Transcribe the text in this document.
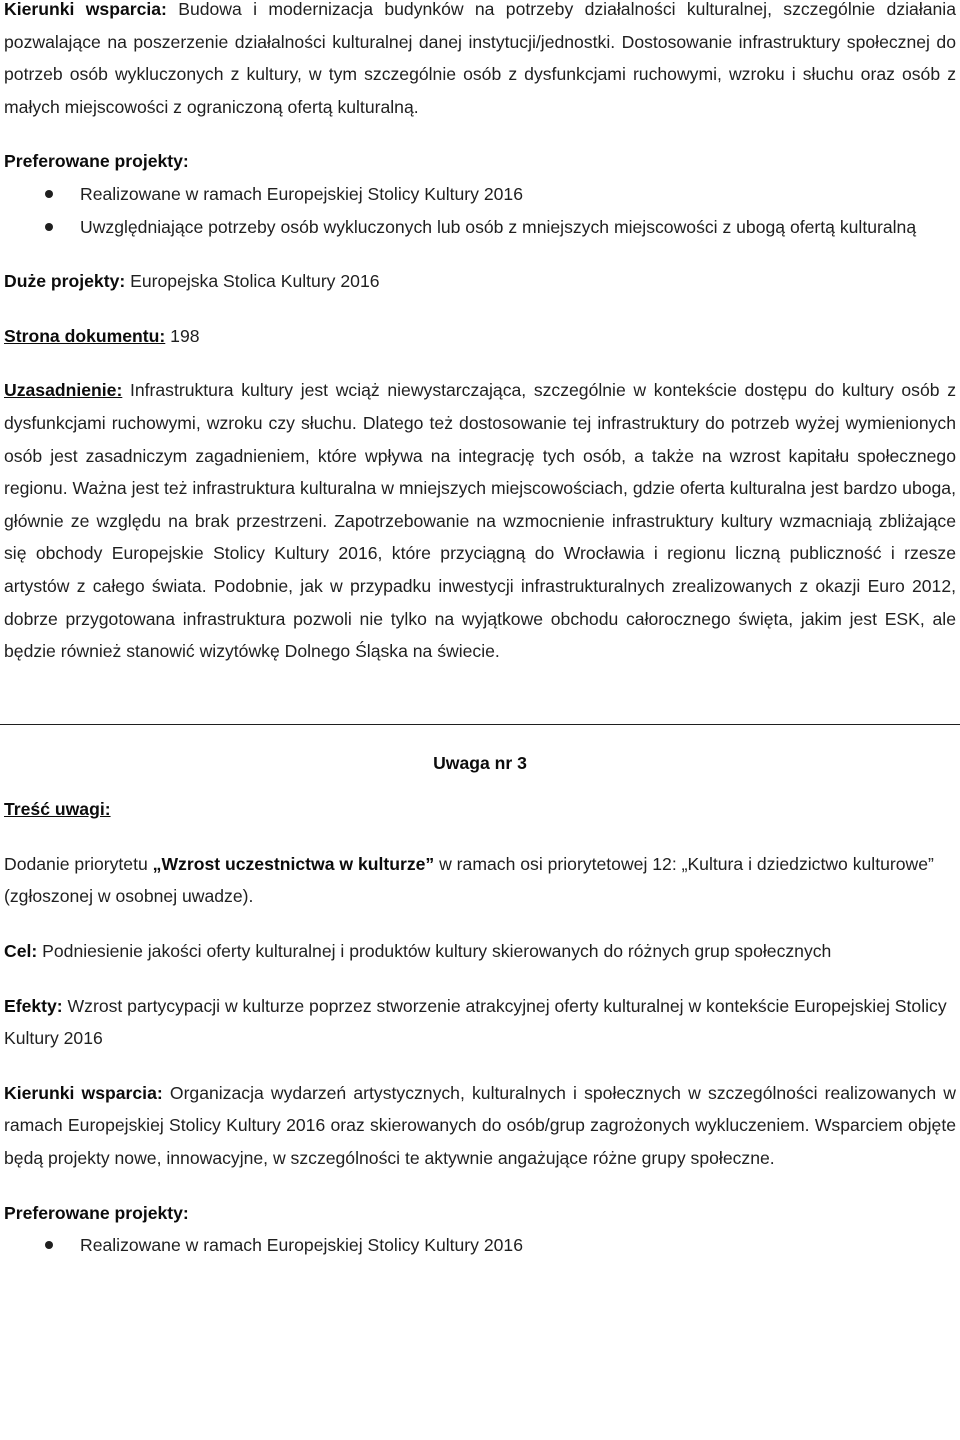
Kierunki wsparcia: Budowa i modernizacja budynków na potrzeby działalności kulturalnej, szczególnie działania pozwalające na poszerzenie działalności kulturalnej danej instytucji/jednostki. Dostosowanie infrastruktury społecznej do potrzeb osób wykluczonych z kultury, w tym szczególnie osób z dysfunkcjami ruchowymi, wzroku i słuchu oraz osób z małych miejscowości z ograniczoną ofertą kulturalną.

Preferowane projekty:

Realizowane w ramach Europejskiej Stolicy Kultury 2016
Uwzględniające potrzeby osób wykluczonych lub osób z mniejszych miejscowości z ubogą ofertą kulturalną

Duże projekty: Europejska Stolica Kultury 2016

Strona dokumentu: 198

Uzasadnienie: Infrastruktura kultury jest wciąż niewystarczająca, szczególnie w kontekście dostępu do kultury osób z dysfunkcjami ruchowymi, wzroku czy słuchu. Dlatego też dostosowanie tej infrastruktury do potrzeb wyżej wymienionych osób jest zasadniczym zagadnieniem, które wpływa na integrację tych osób, a także na wzrost kapitału społecznego regionu. Ważna jest też infrastruktura kulturalna w mniejszych miejscowościach, gdzie oferta kulturalna jest bardzo uboga, głównie ze względu na brak przestrzeni. Zapotrzebowanie na wzmocnienie infrastruktury kultury wzmacniają zbliżające się obchody Europejskie Stolicy Kultury 2016, które przyciągną do Wrocławia i regionu liczną publiczność i rzesze artystów z całego świata. Podobnie, jak w przypadku inwestycji infrastrukturalnych zrealizowanych z okazji Euro 2012, dobrze przygotowana infrastruktura pozwoli nie tylko na wyjątkowe obchodu całorocznego święta, jakim jest ESK, ale będzie również stanowić wizytówkę Dolnego Śląska na świecie.

Uwaga nr 3

Treść uwagi:

Dodanie priorytetu „Wzrost uczestnictwa w kulturze” w ramach osi priorytetowej 12: „Kultura i dziedzictwo kulturowe” (zgłoszonej w osobnej uwadze).

Cel: Podniesienie jakości oferty kulturalnej i produktów kultury skierowanych do różnych grup społecznych

Efekty: Wzrost partycypacji w kulturze poprzez stworzenie atrakcyjnej oferty kulturalnej w kontekście Europejskiej Stolicy Kultury 2016

Kierunki wsparcia: Organizacja wydarzeń artystycznych, kulturalnych i społecznych w szczególności realizowanych w ramach Europejskiej Stolicy Kultury 2016 oraz skierowanych do osób/grup zagrożonych wykluczeniem. Wsparciem objęte będą projekty nowe, innowacyjne, w szczególności te aktywnie angażujące różne grupy społeczne.

Preferowane projekty:

Realizowane w ramach Europejskiej Stolicy Kultury 2016
